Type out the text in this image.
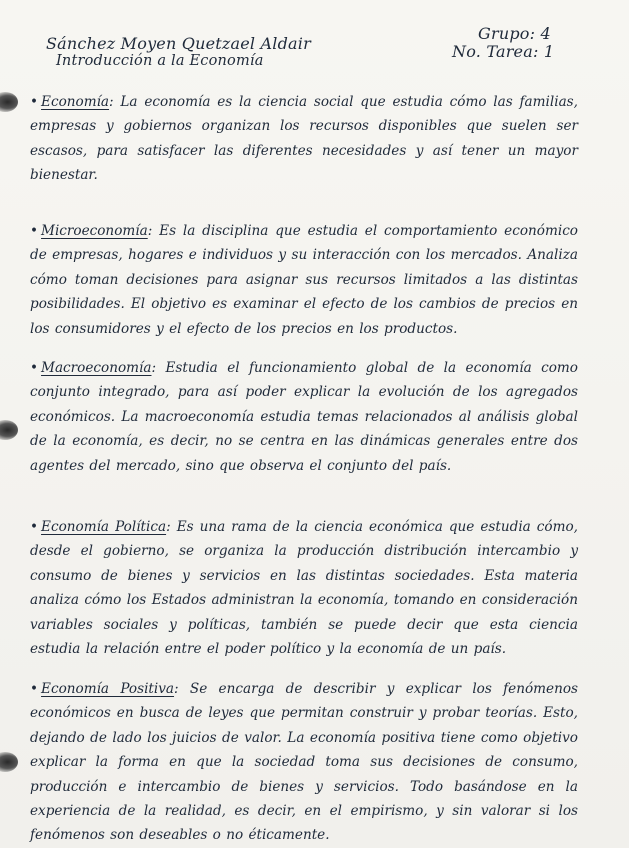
Sánchez Moyen Quetzael Aldair
Introducción a la Economía
Grupo: 4
No. Tarea: 1
• Economía: La economía es la ciencia social que estudia cómo las familias, empresas y gobiernos organizan los recursos disponibles que suelen ser escasos, para satisfacer las diferentes necesidades y así tener un mayor bienestar.
• Microeconomía: Es la disciplina que estudia el comportamiento económico de empresas, hogares e individuos y su interacción con los mercados. Analiza cómo toman decisiones para asignar sus recursos limitados a las distintas posibilidades. El objetivo es examinar el efecto de los cambios de precios en los consumidores y el efecto de los precios en los productos.
• Macroeconomía: Estudia el funcionamiento global de la economía como conjunto integrado, para así poder explicar la evolución de los agregados económicos. La macroeconomía estudia temas relacionados al análisis global de la economía, es decir, no se centra en las dinámicas generales entre dos agentes del mercado, sino que observa el conjunto del país.
• Economía Política: Es una rama de la ciencia económica que estudia cómo, desde el gobierno, se organiza la producción distribución intercambio y consumo de bienes y servicios en las distintas sociedades. Esta materia analiza cómo los Estados administran la economía, tomando en consideración variables sociales y políticas, también se puede decir que esta ciencia estudia la relación entre el poder político y la economía de un país.
• Economía Positiva: Se encarga de describir y explicar los fenómenos económicos en busca de leyes que permitan construir y probar teorías. Esto, dejando de lado los juicios de valor. La economía positiva tiene como objetivo explicar la forma en que la sociedad toma sus decisiones de consumo, producción e intercambio de bienes y servicios. Todo basándose en la experiencia de la realidad, es decir, en el empirismo, y sin valorar si los fenómenos son deseables o no éticamente.
